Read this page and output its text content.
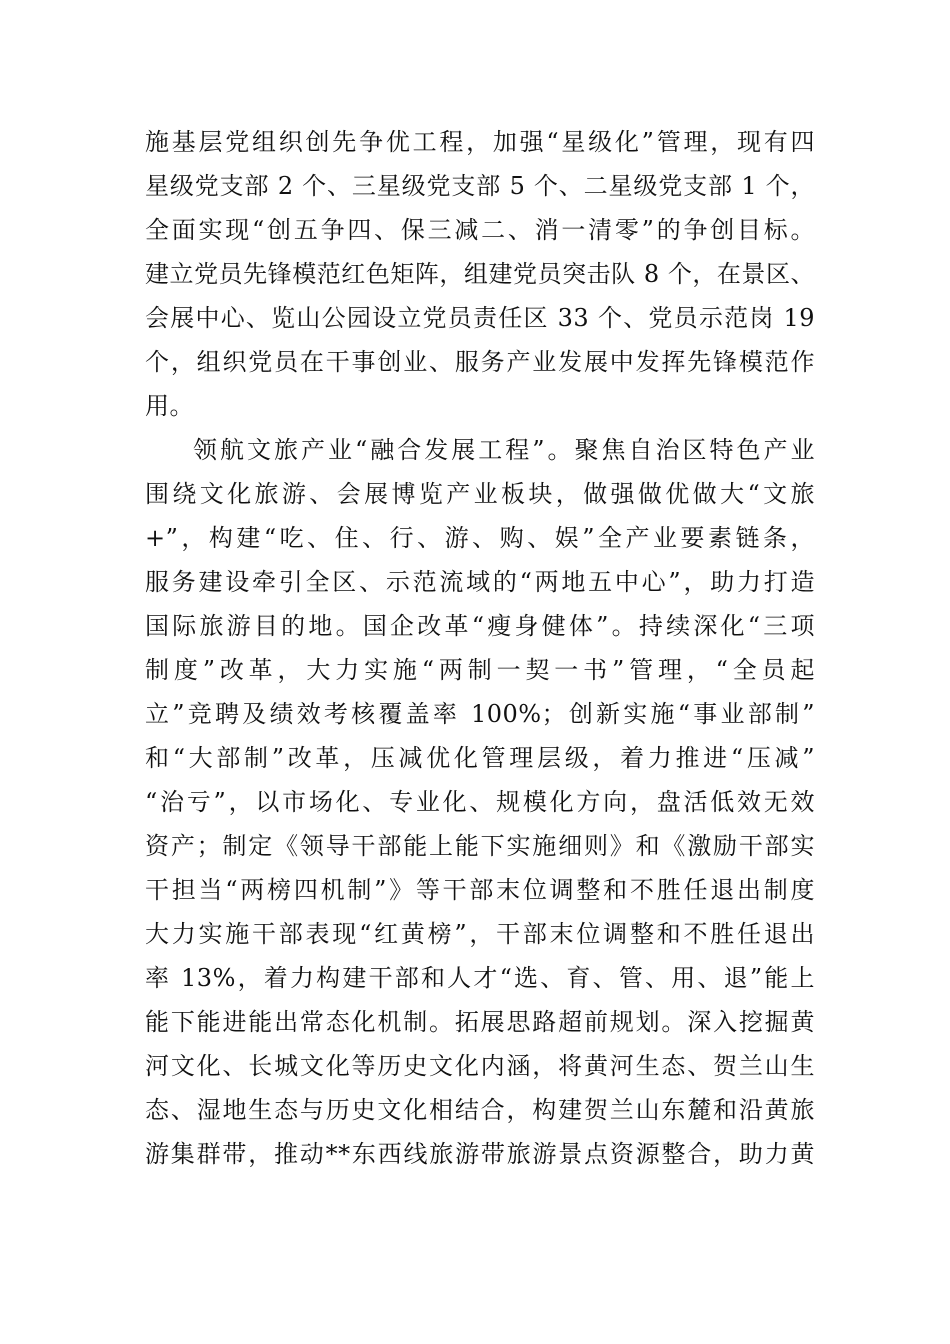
施基层党组织创先争优工程，加强“星级化”管理，现有四
星级党支部 2 个、三星级党支部 5 个、二星级党支部 1 个，
全面实现“创五争四、保三减二、消一清零”的争创目标。
建立党员先锋模范红色矩阵，组建党员突击队 8 个，在景区、
会展中心、览山公园设立党员责任区 33 个、党员示范岗 19
个，组织党员在干事创业、服务产业发展中发挥先锋模范作
用。
领航文旅产业“融合发展工程”。聚焦自治区特色产业
围绕文化旅游、会展博览产业板块，做强做优做大“文旅
+”，构建“吃、住、行、游、购、娱”全产业要素链条，
服务建设牵引全区、示范流域的“两地五中心”，助力打造
国际旅游目的地。国企改革“瘦身健体”。持续深化“三项
制度”改革，大力实施“两制一契一书”管理，“全员起
立”竞聘及绩效考核覆盖率 100%；创新实施“事业部制”
和“大部制”改革，压减优化管理层级，着力推进“压减”
“治亏”，以市场化、专业化、规模化方向，盘活低效无效
资产；制定《领导干部能上能下实施细则》和《激励干部实
干担当“两榜四机制”》等干部末位调整和不胜任退出制度
大力实施干部表现“红黄榜”，干部末位调整和不胜任退出
率 13%，着力构建干部和人才“选、育、管、用、退”能上
能下能进能出常态化机制。拓展思路超前规划。深入挖掘黄
河文化、长城文化等历史文化内涵，将黄河生态、贺兰山生
态、湿地生态与历史文化相结合，构建贺兰山东麓和沿黄旅
游集群带，推动**东西线旅游带旅游景点资源整合，助力黄
